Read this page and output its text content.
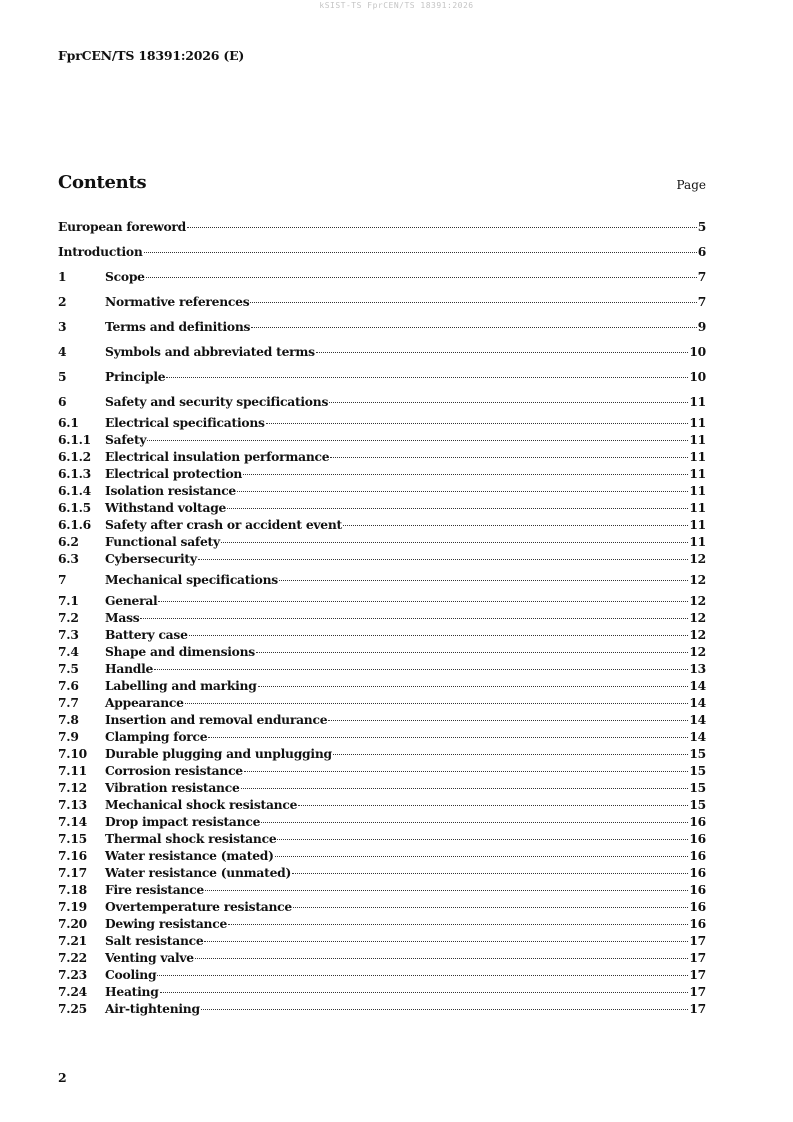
kSIST-TS FprCEN/TS 18391:2026
FprCEN/TS 18391:2026 (E)
Contents	Page
European foreword	5
Introduction	6
1	Scope	7
2	Normative references	7
3	Terms and definitions	9
4	Symbols and abbreviated terms	10
5	Principle	10
6	Safety and security specifications	11
6.1	Electrical specifications	11
6.1.1	Safety	11
6.1.2	Electrical insulation performance	11
6.1.3	Electrical protection	11
6.1.4	Isolation resistance	11
6.1.5	Withstand voltage	11
6.1.6	Safety after crash or accident event	11
6.2	Functional safety	11
6.3	Cybersecurity	12
7	Mechanical specifications	12
7.1	General	12
7.2	Mass	12
7.3	Battery case	12
7.4	Shape and dimensions	12
7.5	Handle	13
7.6	Labelling and marking	14
7.7	Appearance	14
7.8	Insertion and removal endurance	14
7.9	Clamping force	14
7.10	Durable plugging and unplugging	15
7.11	Corrosion resistance	15
7.12	Vibration resistance	15
7.13	Mechanical shock resistance	15
7.14	Drop impact resistance	16
7.15	Thermal shock resistance	16
7.16	Water resistance (mated)	16
7.17	Water resistance (unmated)	16
7.18	Fire resistance	16
7.19	Overtemperature resistance	16
7.20	Dewing resistance	16
7.21	Salt resistance	17
7.22	Venting valve	17
7.23	Cooling	17
7.24	Heating	17
7.25	Air-tightening	17
2
